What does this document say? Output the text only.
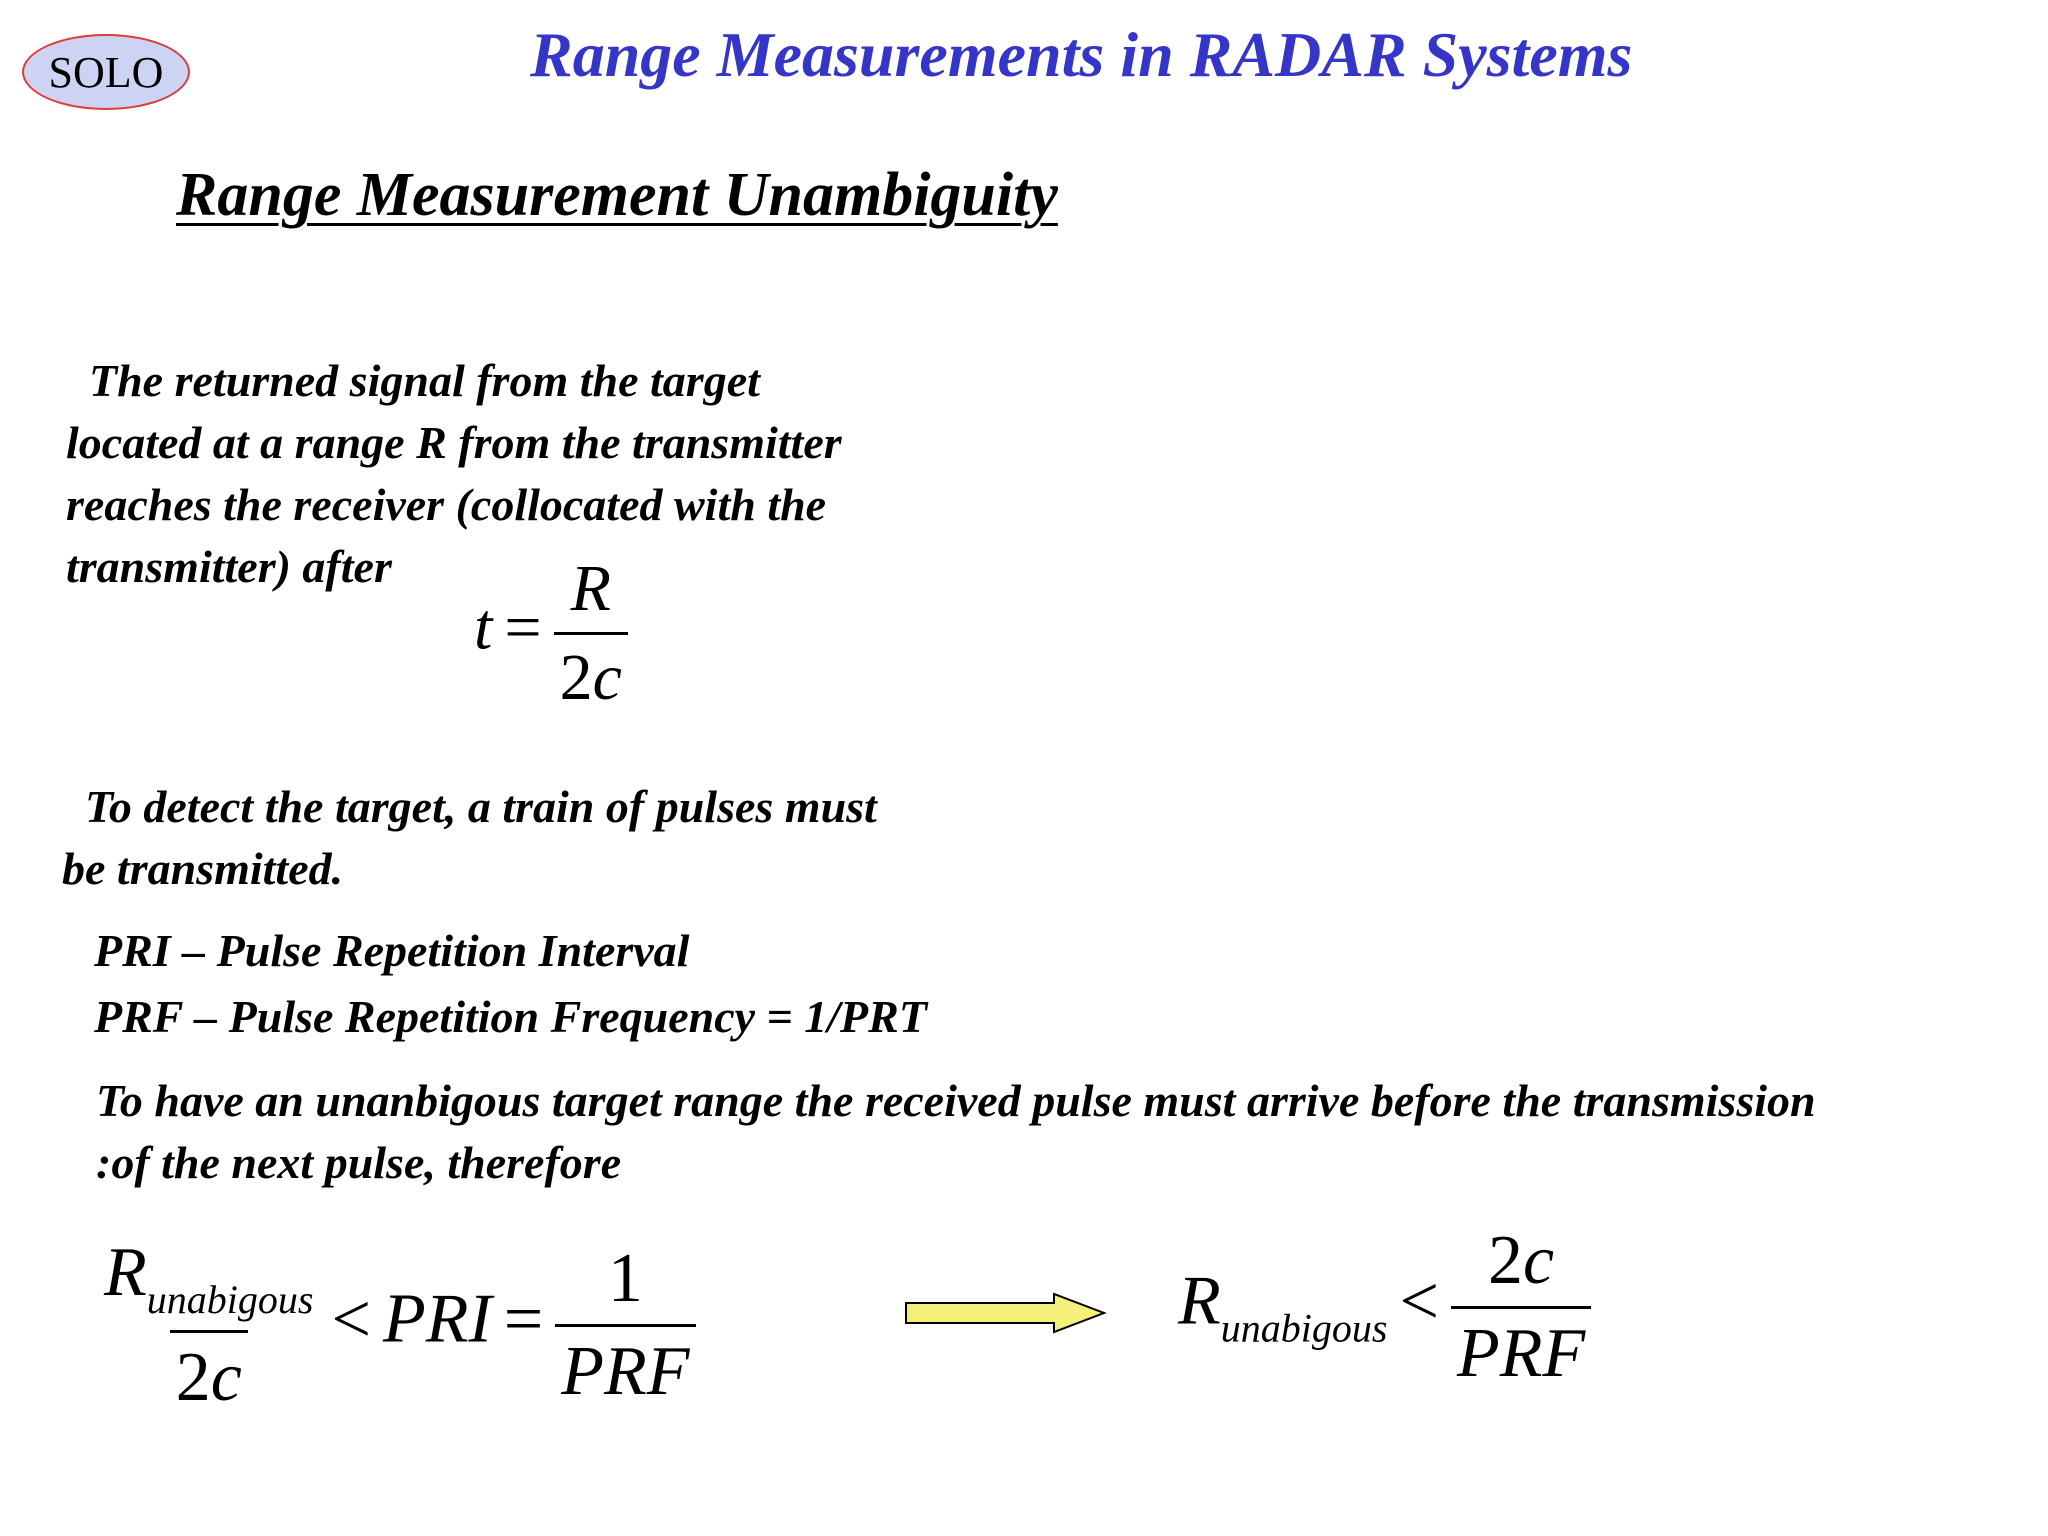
SOLO	Range Measurements in RADAR Systems
Range Measurement Unambiguity
The returned signal from the target
located at a range R from the transmitter
reaches the receiver (collocated with the
transmitter) after
$t = \frac{R}{2c}$
To detect the target, a train of pulses must
be transmitted.
PRI – Pulse Repetition Interval
PRF – Pulse Repetition Frequency = 1/PRT
To have an unanbigous target range the received pulse must arrive before the transmission
:of the next pulse, therefore
$\frac{R_{unabigous}}{2c}$ < PRI = $\frac{1}{\text{PRF}}$	$R_{unabigous} < \frac{2c}{\text{PRF}}$
